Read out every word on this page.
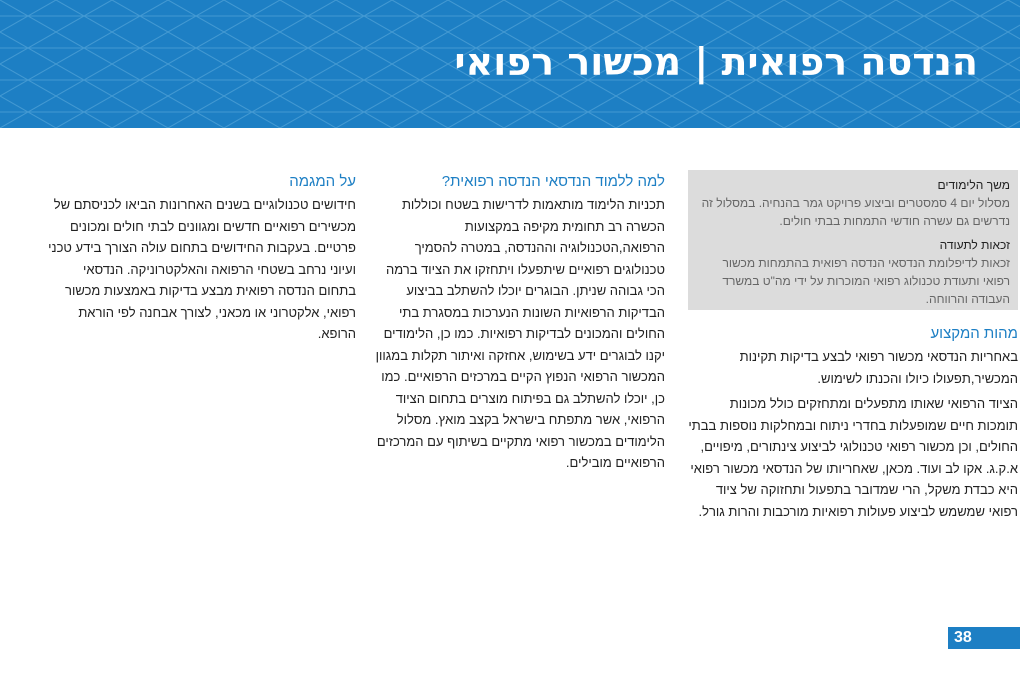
הנדסה רפואית | מכשור רפואי
משך הלימודים
מסלול יום 4 סמסטרים וביצוע פרויקט גמר בהנחיה. במסלול זה נדרשים גם עשרה חודשי התמחות בבתי חולים.
זכאות לתעודה
זכאות לדיפלומת הנדסאי הנדסה רפואית בהתמחות מכשור רפואי ותעודת טכנולוג רפואי המוכרות על ידי מה"ט במשרד העבודה והרווחה.
מהות המקצוע

באחריות הנדסאי מכשור רפואי לבצע בדיקות תקינות המכשיר,תפעולו כיולו והכנתו לשימוש.

הציוד הרפואי שאותו מתפעלים ומתחזקים כולל מכונות תומכות חיים שמופעלות בחדרי ניתוח ובמחלקות נוספות בבתי החולים, וכן מכשור רפואי טכנולוגי לביצוע צינתורים, מיפויים, א.ק.ג. אקו לב ועוד. מכאן, שאחריותו של הנדסאי מכשור רפואי היא כבדת משקל, הרי שמדובר בתפעול ותחזוקה של ציוד רפואי שמשמש לביצוע פעולות רפואיות מורכבות והרות גורל.

למה ללמוד הנדסאי הנדסה רפואית?

תכניות הלימוד מותאמות לדרישות בשטח וכוללות הכשרה רב תחומית מקיפה במקצועות הרפואה,הטכנולוגיה וההנדסה, במטרה להסמיך טכנולוגים רפואיים שיתפעלו ויתחזקו את הציוד ברמה הכי גבוהה שניתן. הבוגרים יוכלו להשתלב בביצוע הבדיקות הרפואיות השונות הנערכות במסגרת בתי החולים והמכונים לבדיקות רפואיות. כמו כן, הלימודים יקנו לבוגרים ידע בשימוש, אחזקה ואיתור תקלות במגוון המכשור הרפואי הנפוץ הקיים במרכזים הרפואיים. כמו כן, יוכלו להשתלב גם בפיתוח מוצרים בתחום הציוד הרפואי, אשר מתפתח בישראל בקצב מואץ. מסלול הלימודים במכשור רפואי מתקיים בשיתוף עם המרכזים הרפואיים מובילים.

על המגמה

חידושים טכנולוגיים בשנים האחרונות הביאו לכניסתם של מכשירים רפואיים חדשים ומגוונים לבתי חולים ומכונים פרטיים. בעקבות החידושים בתחום עולה הצורך בידע טכני ועיוני נרחב בשטחי הרפואה והאלקטרוניקה. הנדסאי בתחום הנדסה רפואית מבצע בדיקות באמצעות מכשור רפואי, אלקטרוני או מכאני, לצורך אבחנה לפי הוראת הרופא.

38
